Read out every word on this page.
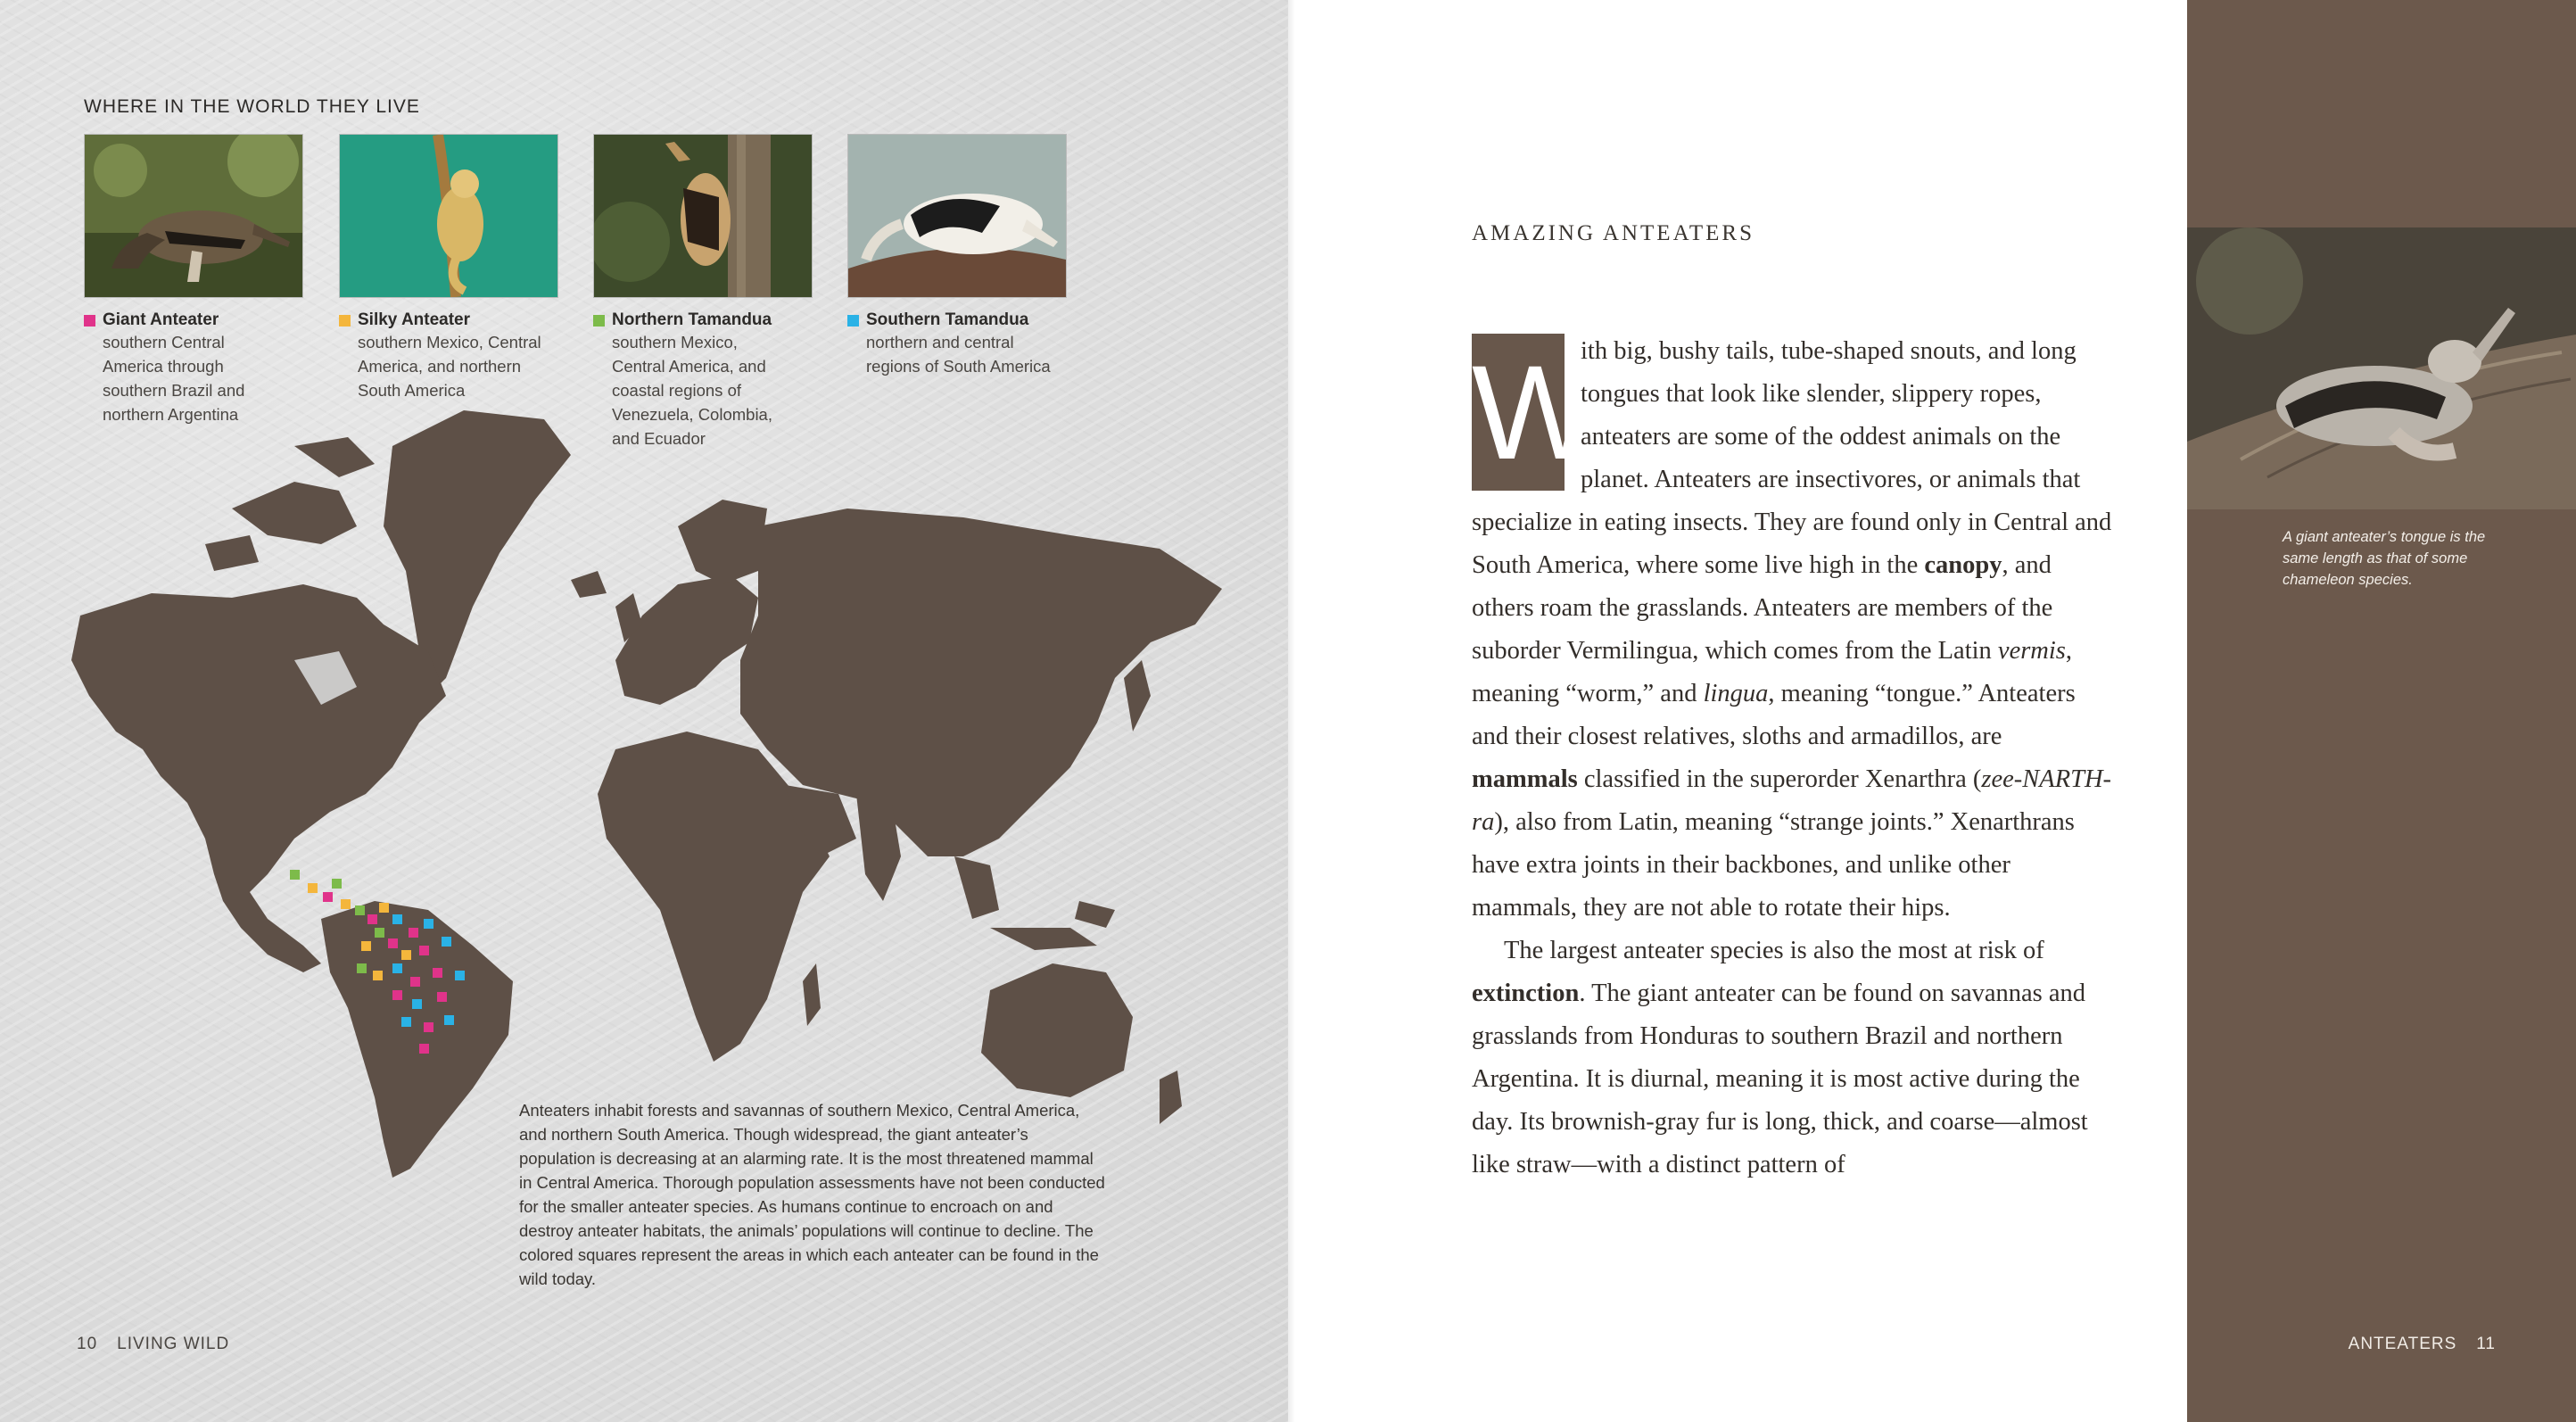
WHERE IN THE WORLD THEY LIVE
Giant Anteater
southern Central
America through
southern Brazil and
northern Argentina
Silky Anteater
southern Mexico, Central
America, and northern
South America
Northern Tamandua
southern Mexico,
Central America, and
coastal regions of
Venezuela, Colombia,
and Ecuador
Southern Tamandua
northern and central
regions of South America
Anteaters inhabit forests and savannas of southern Mexico, Central America, and northern South America. Though widespread, the giant anteater’s population is decreasing at an alarming rate. It is the most threatened mammal in Central America. Thorough population assessments have not been conducted for the smaller anteater species. As humans continue to encroach on and destroy anteater habitats, the animals’ populations will continue to decline. The colored squares represent the areas in which each anteater can be found in the wild today.
10 LIVING WILD
AMAZING ANTEATERS

W
ith big, bushy tails, tube-shaped snouts, and long tongues that look like slender, slippery ropes, anteaters are some of the oddest animals on the planet. Anteaters are insectivores, or animals that specialize in eating insects. They are found only in Central and South America, where some live high in the canopy, and others roam the grasslands. Anteaters are members of the suborder Vermilingua, which comes from the Latin vermis, meaning “worm,” and lingua, meaning “tongue.” Anteaters and their closest relatives, sloths and armadillos, are mammals classified in the superorder Xenarthra (zee-NARTH-ra), also from Latin, meaning “strange joints.” Xenarthrans have extra joints in their backbones, and unlike other mammals, they are not able to rotate their hips.

The largest anteater species is also the most at risk of extinction. The giant anteater can be found on savannas and grasslands from Honduras to southern Brazil and northern Argentina. It is diurnal, meaning it is most active during the day. Its brownish-gray fur is long, thick, and coarse—almost like straw—with a distinct pattern of

A giant anteater’s tongue is the same length as that of some chameleon species.
ANTEATERS 11
